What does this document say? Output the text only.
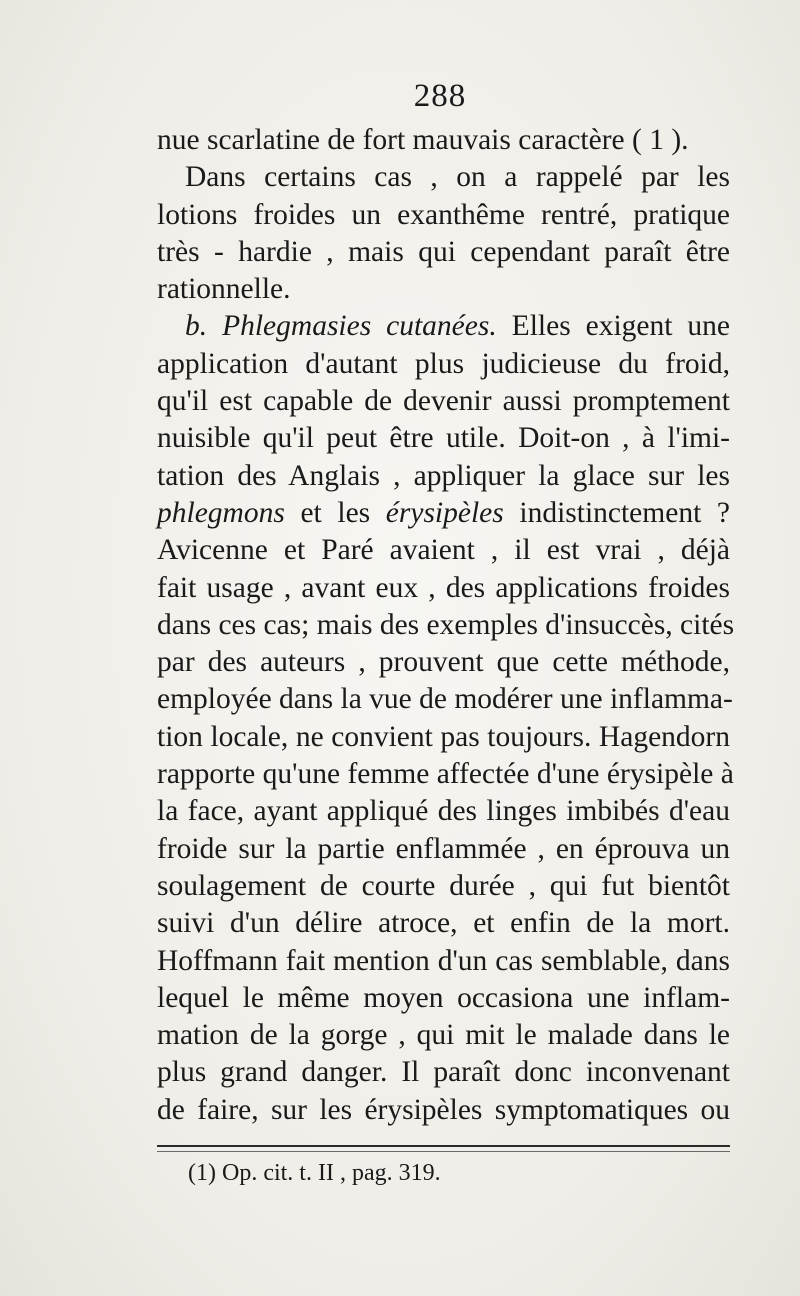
288
nue scarlatine de fort mauvais caractère ( 1 ).
Dans certains cas , on a rappelé par les
lotions froides un exanthême rentré, pratique
très - hardie , mais qui cependant paraît être
rationnelle.
b. Phlegmasies cutanées. Elles exigent une
application d'autant plus judicieuse du froid,
qu'il est capable de devenir aussi promptement
nuisible qu'il peut être utile. Doit-on , à l'imi-
tation des Anglais , appliquer la glace sur les
phlegmons et les érysipèles indistinctement ?
Avicenne et Paré avaient , il est vrai , déjà
fait usage , avant eux , des applications froides
dans ces cas; mais des exemples d'insuccès, cités
par des auteurs , prouvent que cette méthode,
employée dans la vue de modérer une inflamma-
tion locale, ne convient pas toujours. Hagendorn
rapporte qu'une femme affectée d'une érysipèle à
la face, ayant appliqué des linges imbibés d'eau
froide sur la partie enflammée , en éprouva un
soulagement de courte durée , qui fut bientôt
suivi d'un délire atroce, et enfin de la mort.
Hoffmann fait mention d'un cas semblable, dans
lequel le même moyen occasiona une inflam-
mation de la gorge , qui mit le malade dans le
plus grand danger. Il paraît donc inconvenant
de faire, sur les érysipèles symptomatiques ou
(1) Op. cit. t. II , pag. 319.
